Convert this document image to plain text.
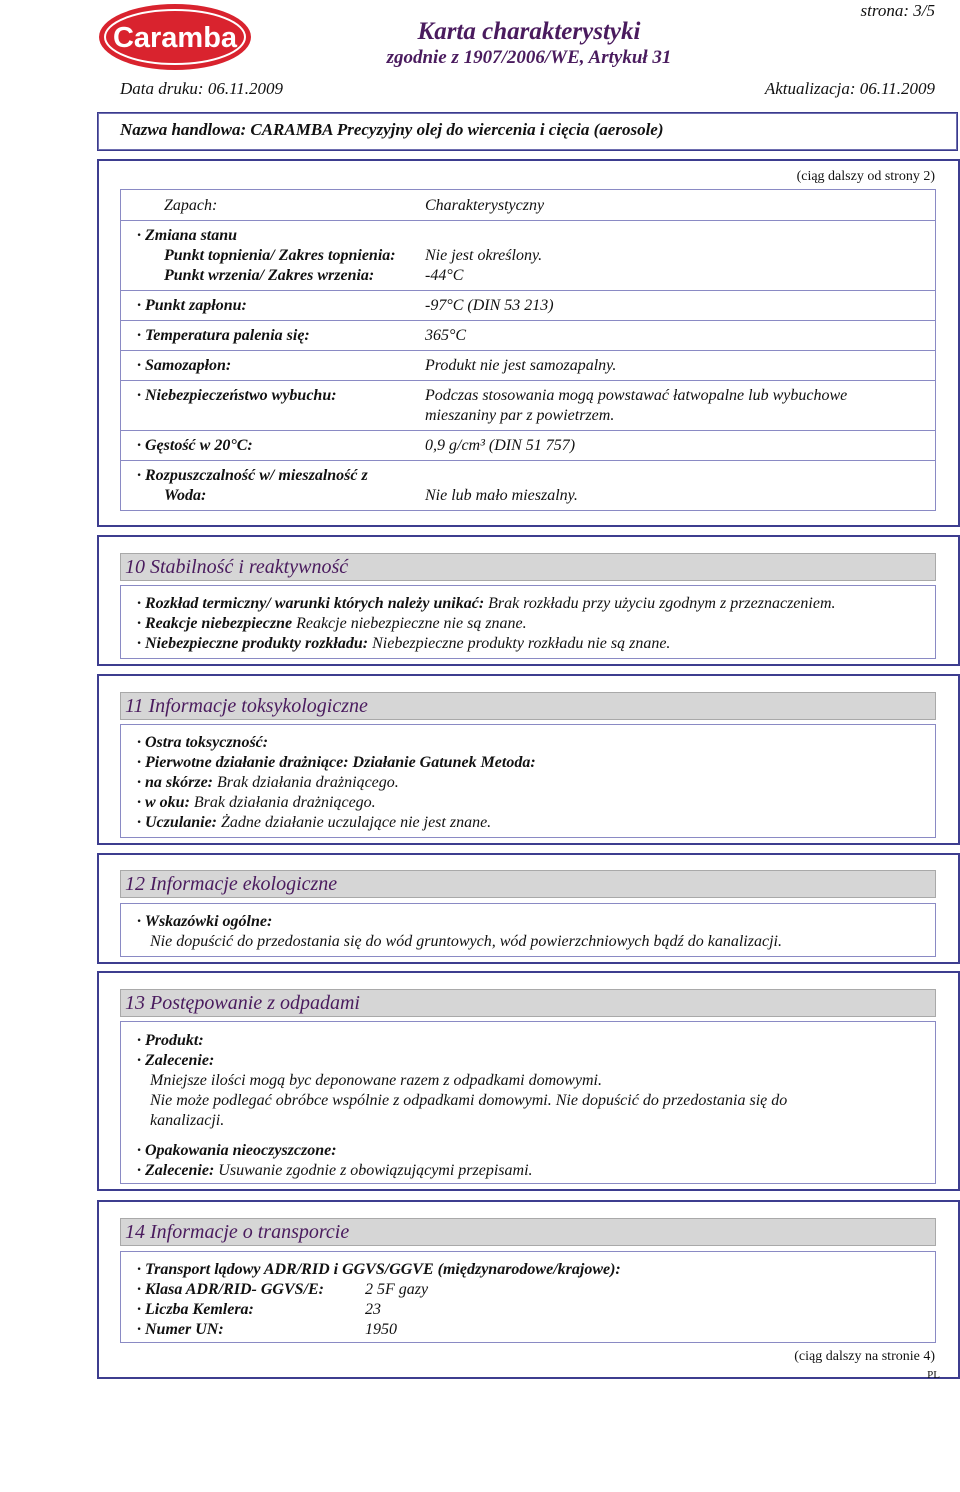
Caramba	Karta charakterystyki
zgodnie z 1907/2006/WE, Artykuł 31
strona: 3/5
Data druku: 06.11.2009	Aktualizacja: 06.11.2009
Nazwa handlowa: CARAMBA Precyzyjny olej do wiercenia i cięcia (aerosole)
(ciąg dalszy od strony 2)
Zapach:	Charakterystyczny
· Zmiana stanu
Punkt topnienia/ Zakres topnienia: Nie jest określony.
Punkt wrzenia/ Zakres wrzenia:	-44°C
· Punkt zapłonu:	-97°C (DIN 53 213)
· Temperatura palenia się:	365°C
· Samozapłon:	Produkt nie jest samozapalny.
· Niebezpieczeństwo wybuchu:	Podczas stosowania mogą powstawać łatwopalne lub wybuchowe
mieszaniny par z powietrzem.
· Gęstość w 20°C:	0,9 g/cm³ (DIN 51 757)
· Rozpuszczalność w/ mieszalność z
Woda:	Nie lub mało mieszalny.
10 Stabilność i reaktywność
· Rozkład termiczny/ warunki których należy unikać: Brak rozkładu przy użyciu zgodnym z przeznaczeniem.
· Reakcje niebezpieczne Reakcje niebezpieczne nie są znane.
· Niebezpieczne produkty rozkładu: Niebezpieczne produkty rozkładu nie są znane.
11 Informacje toksykologiczne
· Ostra toksyczność:
· Pierwotne działanie drażniące: Działanie Gatunek Metoda:
· na skórze: Brak działania drażniącego.
· w oku: Brak działania drażniącego.
· Uczulanie: Żadne działanie uczulające nie jest znane.
12 Informacje ekologiczne
· Wskazówki ogólne:
Nie dopuścić do przedostania się do wód gruntowych, wód powierzchniowych bądź do kanalizacji.
13 Postępowanie z odpadami
· Produkt:
· Zalecenie:
Mniejsze ilości mogą byc deponowane razem z odpadkami domowymi.
Nie może podlegać obróbce wspólnie z odpadkami domowymi. Nie dopuścić do przedostania się do
kanalizacji.
· Opakowania nieoczyszczone:
· Zalecenie: Usuwanie zgodnie z obowiązującymi przepisami.
14 Informacje o transporcie
· Transport lądowy ADR/RID i GGVS/GGVE (międzynarodowe/krajowe):
· Klasa ADR/RID- GGVS/E:	2 5F gazy
· Liczba Kemlera:	23
· Numer UN:	1950
(ciąg dalszy na stronie 4)
PL
